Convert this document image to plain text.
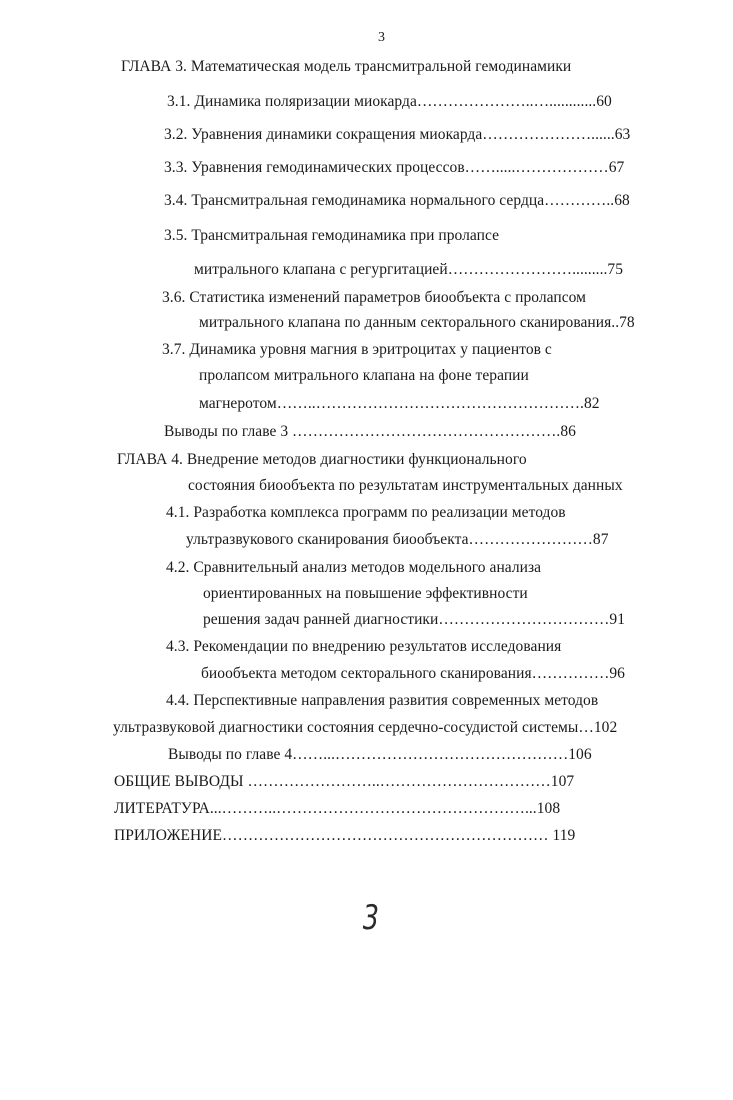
3
ГЛАВА 3. Математическая модель трансмитральной гемодинамики
3.1. Динамика поляризации миокарда…………………..…............60
3.2. Уравнения динамики сокращения миокарда…………………......63
3.3. Уравнения гемодинамических процессов…….....………………67
3.4. Трансмитральная гемодинамика нормального сердца…………..68
3.5. Трансмитральная гемодинамика при пролапсе
митрального клапана с регургитацией…………………….........75
3.6. Статистика изменений параметров биообъекта с пролапсом
митрального клапана по данным секторального сканирования..78
3.7. Динамика уровня магния в эритроцитах у пациентов с
пролапсом митрального клапана на фоне терапии
магнеротом……..…………………………………………….82
Выводы по главе 3 …………………………………………….86
ГЛАВА 4. Внедрение методов диагностики функционального
состояния биообъекта по результатам инструментальных данных
4.1. Разработка комплекса программ по реализации методов
ультразвукового сканирования биообъекта……………………87
4.2. Сравнительный анализ методов модельного анализа
ориентированных на повышение эффективности
решения задач ранней диагностики……………………………91
4.3. Рекомендации по внедрению результатов исследования
биообъекта методом секторального сканирования……………96
4.4. Перспективные направления развития современных методов
ультразвуковой диагностики состояния сердечно-сосудистой системы…102
Выводы по главе 4……...………………………………………106
ОБЩИЕ ВЫВОДЫ ……………………..……………………………107
ЛИТЕРАТУРА...………..…………………………………………...108
ПРИЛОЖЕНИЕ……………………………………………………… 119
3
